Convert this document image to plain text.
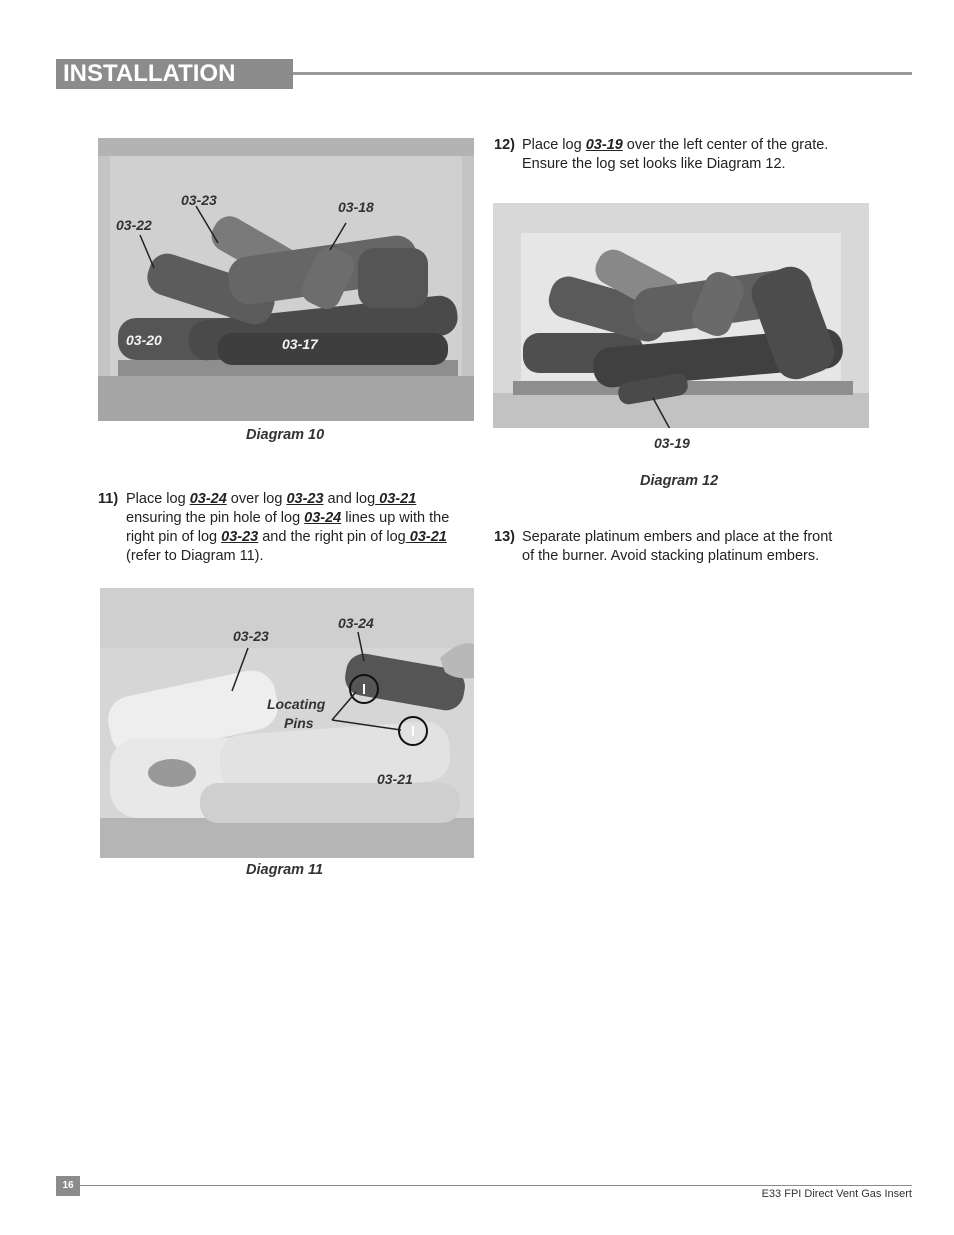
INSTALLATION
03-23	03-18
03-22
03-20	03-17
Diagram 10
11) Place log 03-24 over log 03-23 and log 03-21
ensuring the pin hole of log 03-24 lines up with the
right pin of log 03-23 and the right pin of log 03-21
(refer to Diagram 11).
03-23
03-24
Locating
Pins
03-21
Diagram 11
12) Place log 03-19 over the left center of the grate.
Ensure the log set looks like Diagram 12.
03-19
Diagram 12
13) Separate platinum embers and place at the front
of the burner. Avoid stacking platinum embers.
16
E33 FPI Direct Vent Gas Insert
